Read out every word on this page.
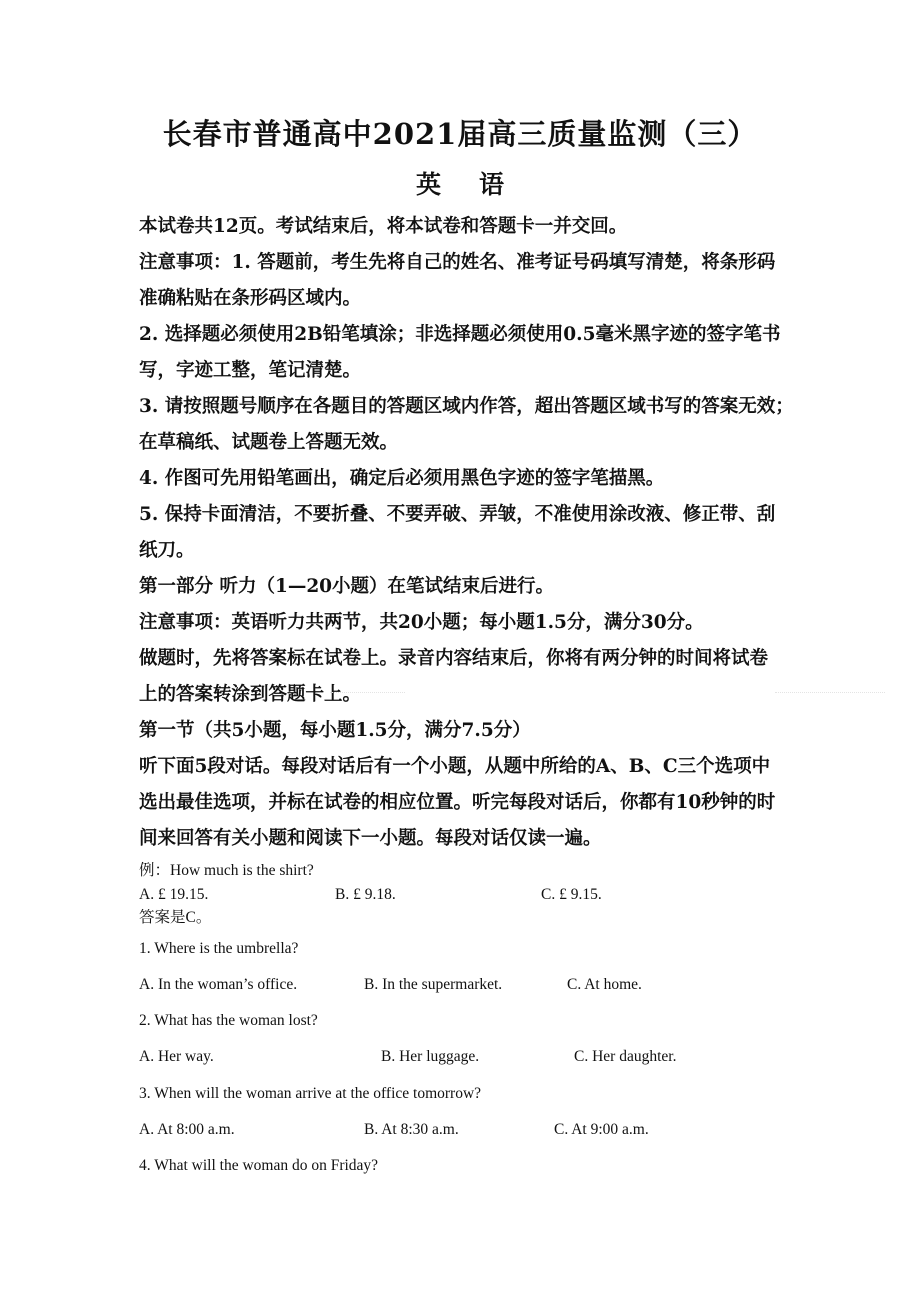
长春市普通高中2021届高三质量监测（三）
英语
本试卷共12页。考试结束后，将本试卷和答题卡一并交回。
注意事项：1. 答题前，考生先将自己的姓名、准考证号码填写清楚，将条形码
准确粘贴在条形码区域内。
2. 选择题必须使用2B铅笔填涂；非选择题必须使用0.5毫米黑字迹的签字笔书
写，字迹工整，笔记清楚。
3. 请按照题号顺序在各题目的答题区域内作答，超出答题区域书写的答案无效；
在草稿纸、试题卷上答题无效。
4. 作图可先用铅笔画出，确定后必须用黑色字迹的签字笔描黑。
5. 保持卡面清洁，不要折叠、不要弄破、弄皱，不准使用涂改液、修正带、刮
纸刀。
第一部分 听力（1—20小题）在笔试结束后进行。
注意事项：英语听力共两节，共20小题；每小题1.5分，满分30分。
做题时，先将答案标在试卷上。录音内容结束后，你将有两分钟的时间将试卷
上的答案转涂到答题卡上。
第一节（共5小题，每小题1.5分，满分7.5分）
听下面5段对话。每段对话后有一个小题，从题中所给的A、B、C三个选项中
选出最佳选项，并标在试卷的相应位置。听完每段对话后，你都有10秒钟的时
间来回答有关小题和阅读下一小题。每段对话仅读一遍。
例：How much is the shirt?
A. £ 19.15.	B. £ 9.18.	C. £ 9.15.
答案是C。
1. Where is the umbrella?
A. In the woman’s office.	B. In the supermarket.	C. At home.
2. What has the woman lost?
A. Her way.	B. Her luggage.	C. Her daughter.
3. When will the woman arrive at the office tomorrow?
A. At 8:00 a.m.	B. At 8:30 a.m.	C. At 9:00 a.m.
4. What will the woman do on Friday?
